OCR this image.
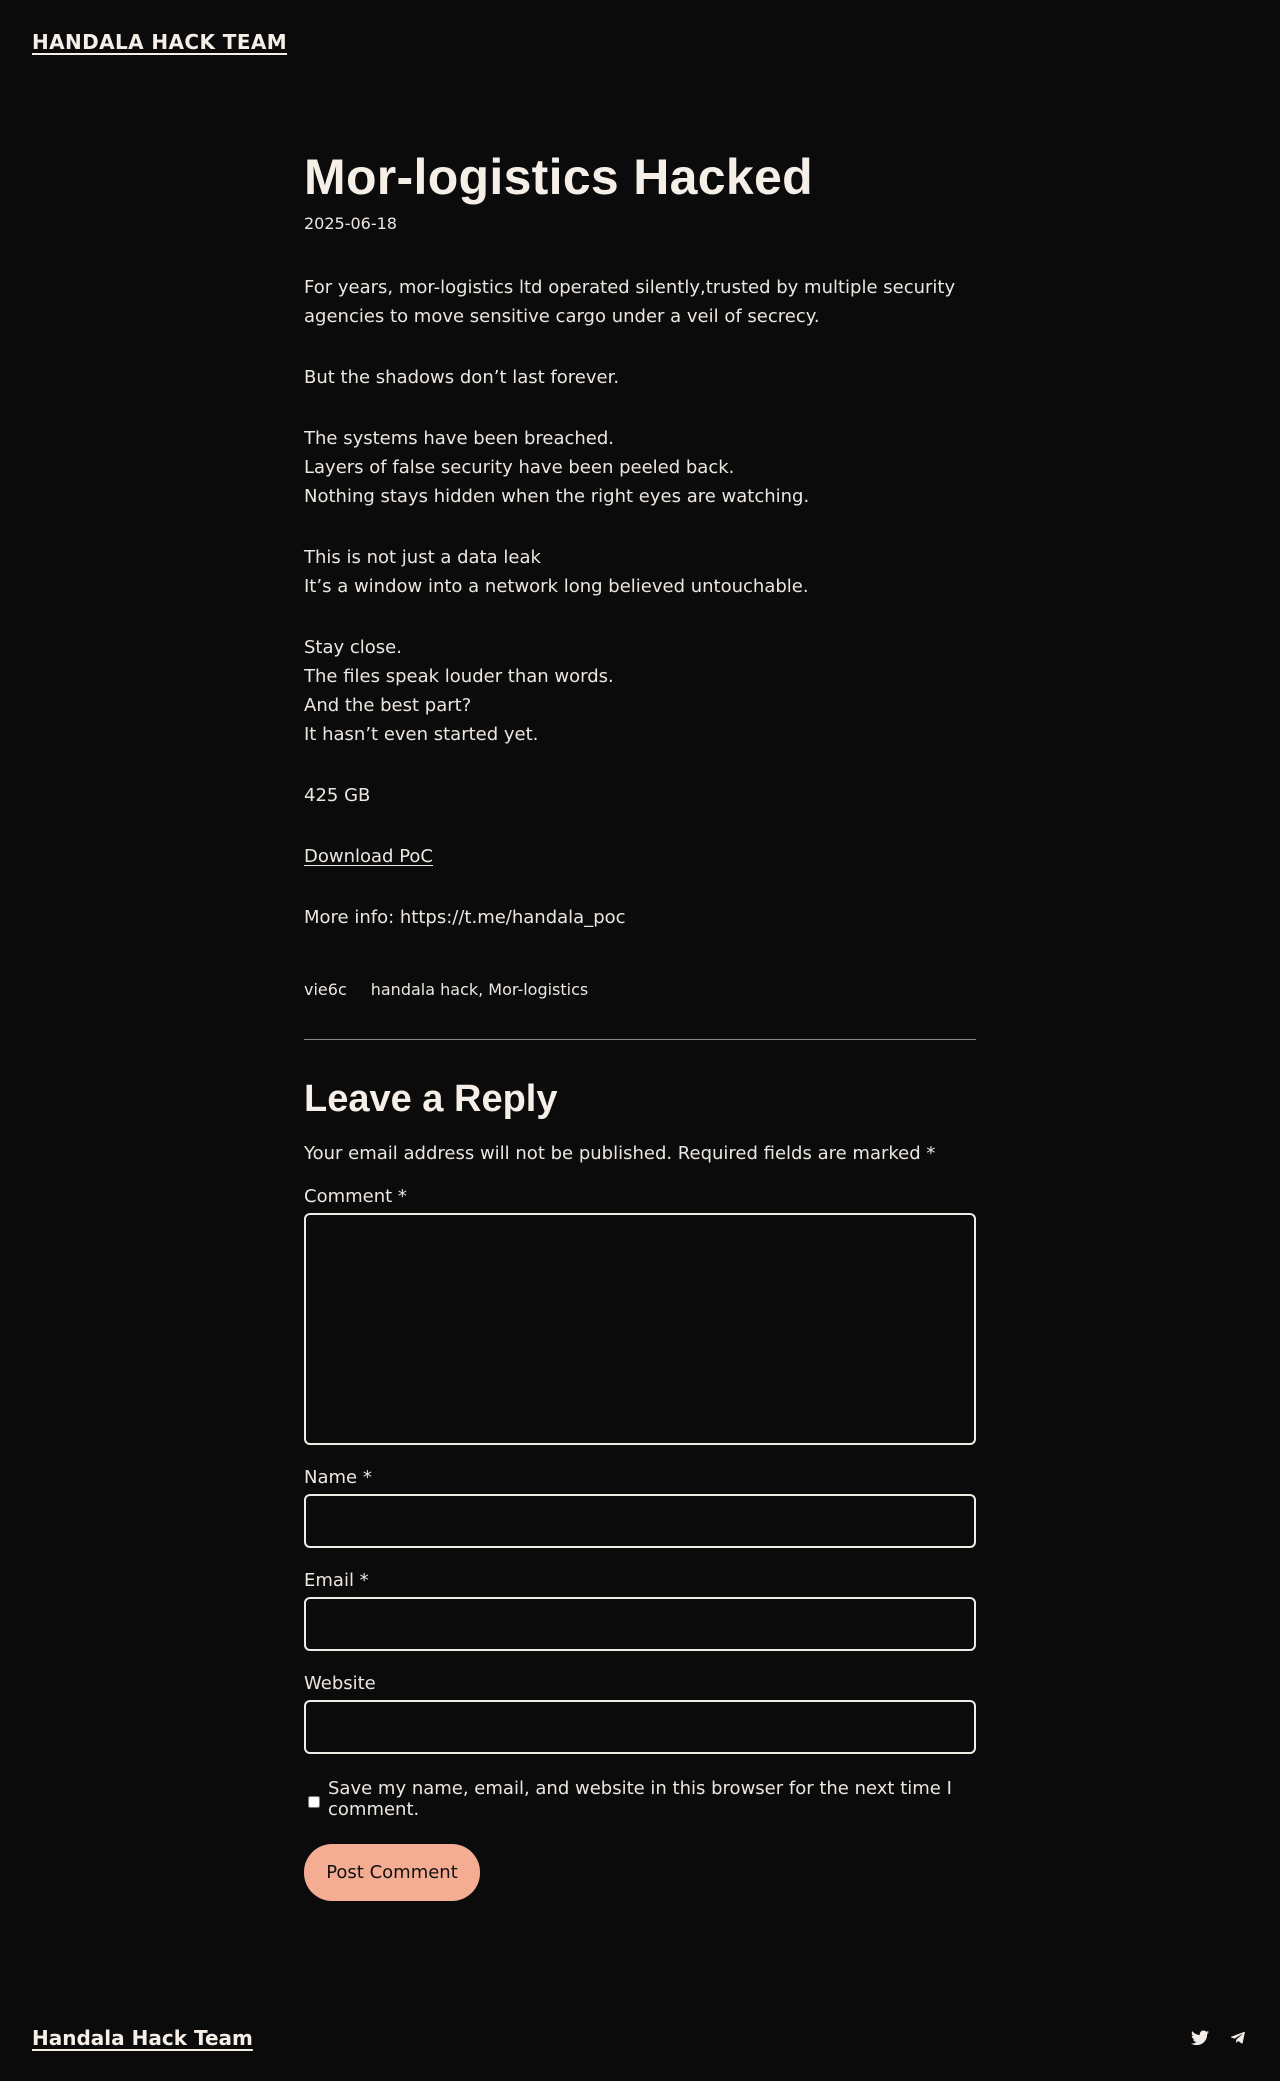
HANDALA HACK TEAM
Mor-logistics Hacked
2025-06-18

For years, mor-logistics ltd operated silently,trusted by multiple security agencies to move sensitive cargo under a veil of secrecy.

But the shadows don’t last forever.

The systems have been breached.
Layers of false security have been peeled back.
Nothing stays hidden when the right eyes are watching.

This is not just a data leak
It’s a window into a network long believed untouchable.

Stay close.
The files speak louder than words.
And the best part?
It hasn’t even started yet.

425 GB

Download PoC

More info: https://t.me/handala_poc

vie6c handala hack, Mor-logistics
Leave a Reply
Your email address will not be published. Required fields are marked *
Comment *
Name *
Email *
Website
Save my name, email, and website in this browser for the next time I comment.
Post Comment
Handala Hack Team
